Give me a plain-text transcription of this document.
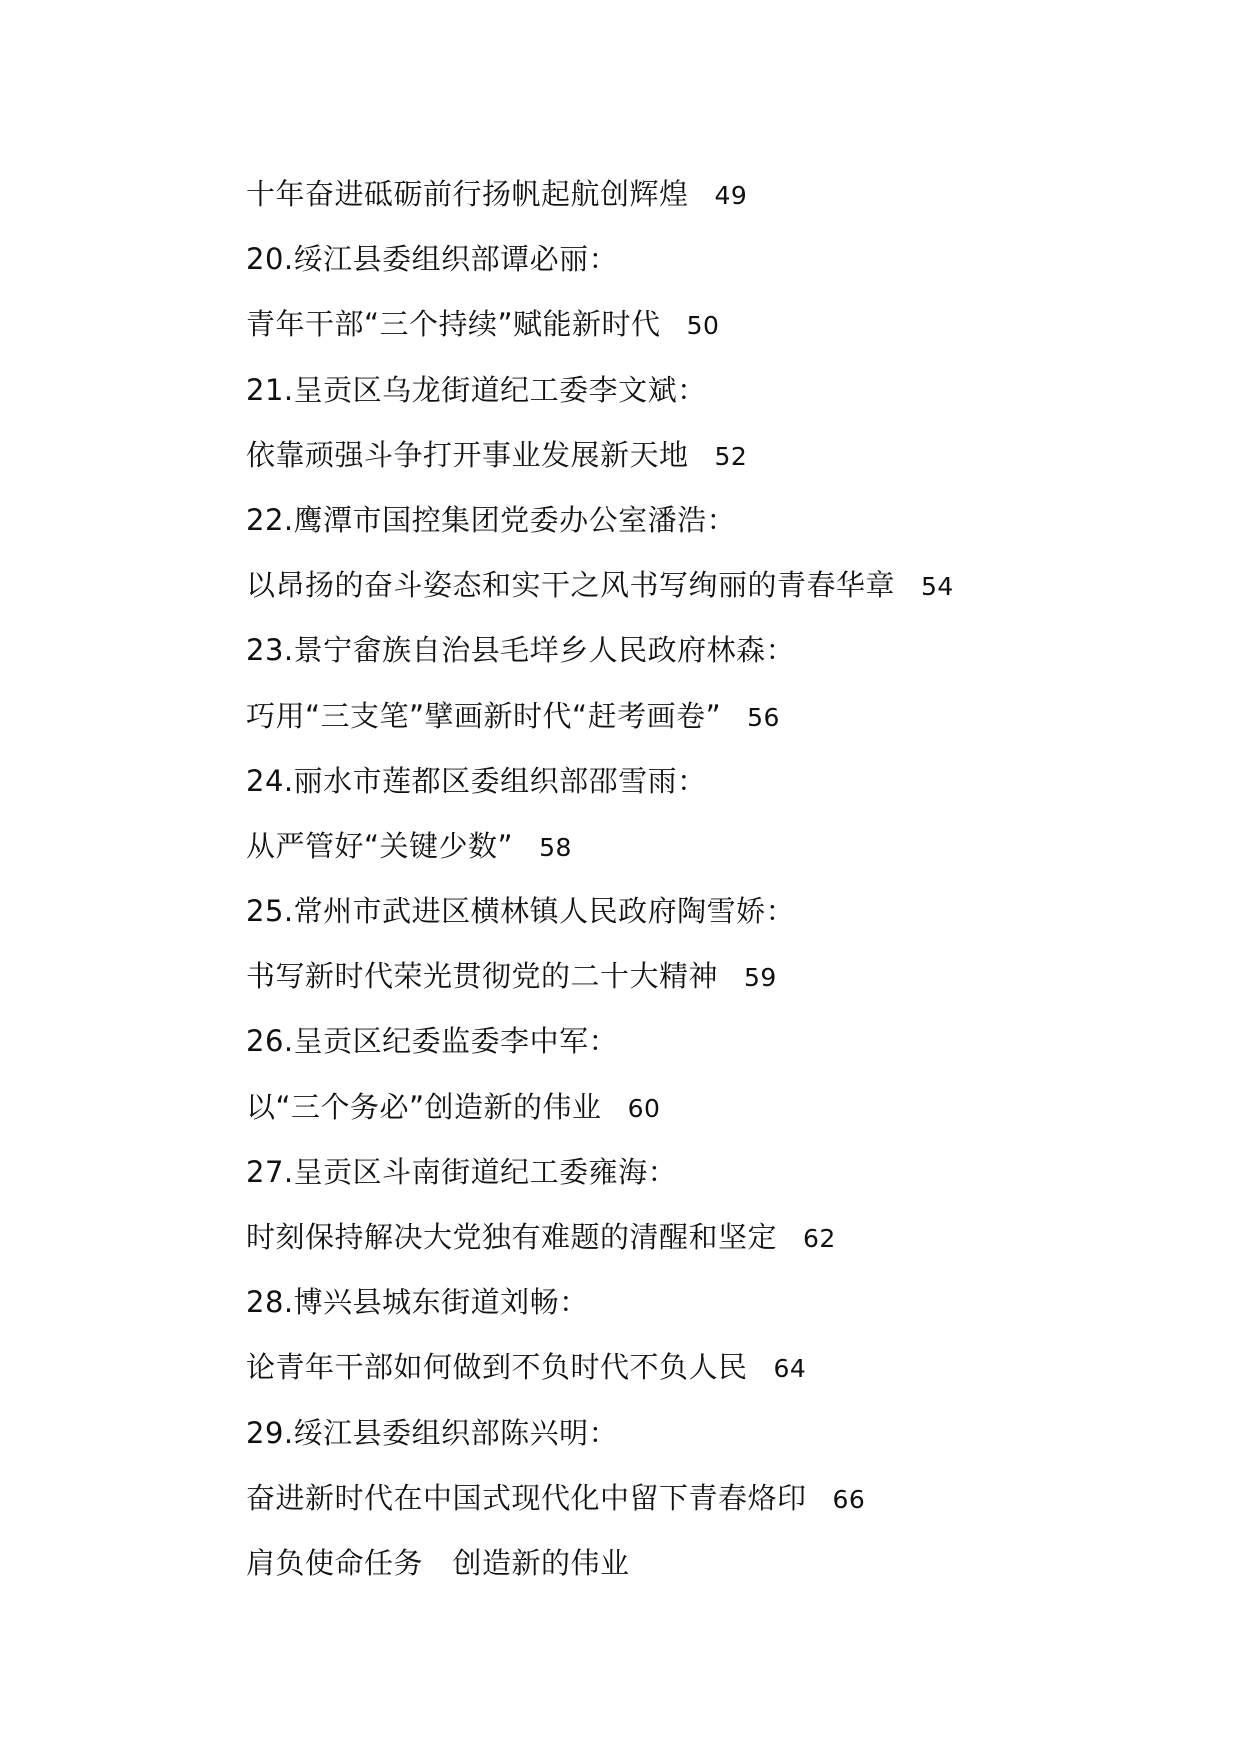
十年奋进砥砺前行扬帆起航创辉煌 49
20.绥江县委组织部谭必丽：
青年干部“三个持续”赋能新时代 50
21.呈贡区乌龙街道纪工委李文斌：
依靠顽强斗争打开事业发展新天地 52
22.鹰潭市国控集团党委办公室潘浩：
以昂扬的奋斗姿态和实干之风书写绚丽的青春华章 54
23.景宁畲族自治县毛垟乡人民政府林森：
巧用“三支笔”擘画新时代“赶考画卷” 56
24.丽水市莲都区委组织部邵雪雨：
从严管好“关键少数” 58
25.常州市武进区横林镇人民政府陶雪娇：
书写新时代荣光贯彻党的二十大精神 59
26.呈贡区纪委监委李中军：
以“三个务必”创造新的伟业 60
27.呈贡区斗南街道纪工委雍海：
时刻保持解决大党独有难题的清醒和坚定 62
28.博兴县城东街道刘畅：
论青年干部如何做到不负时代不负人民 64
29.绥江县委组织部陈兴明：
奋进新时代在中国式现代化中留下青春烙印 66
肩负使命任务　创造新的伟业
